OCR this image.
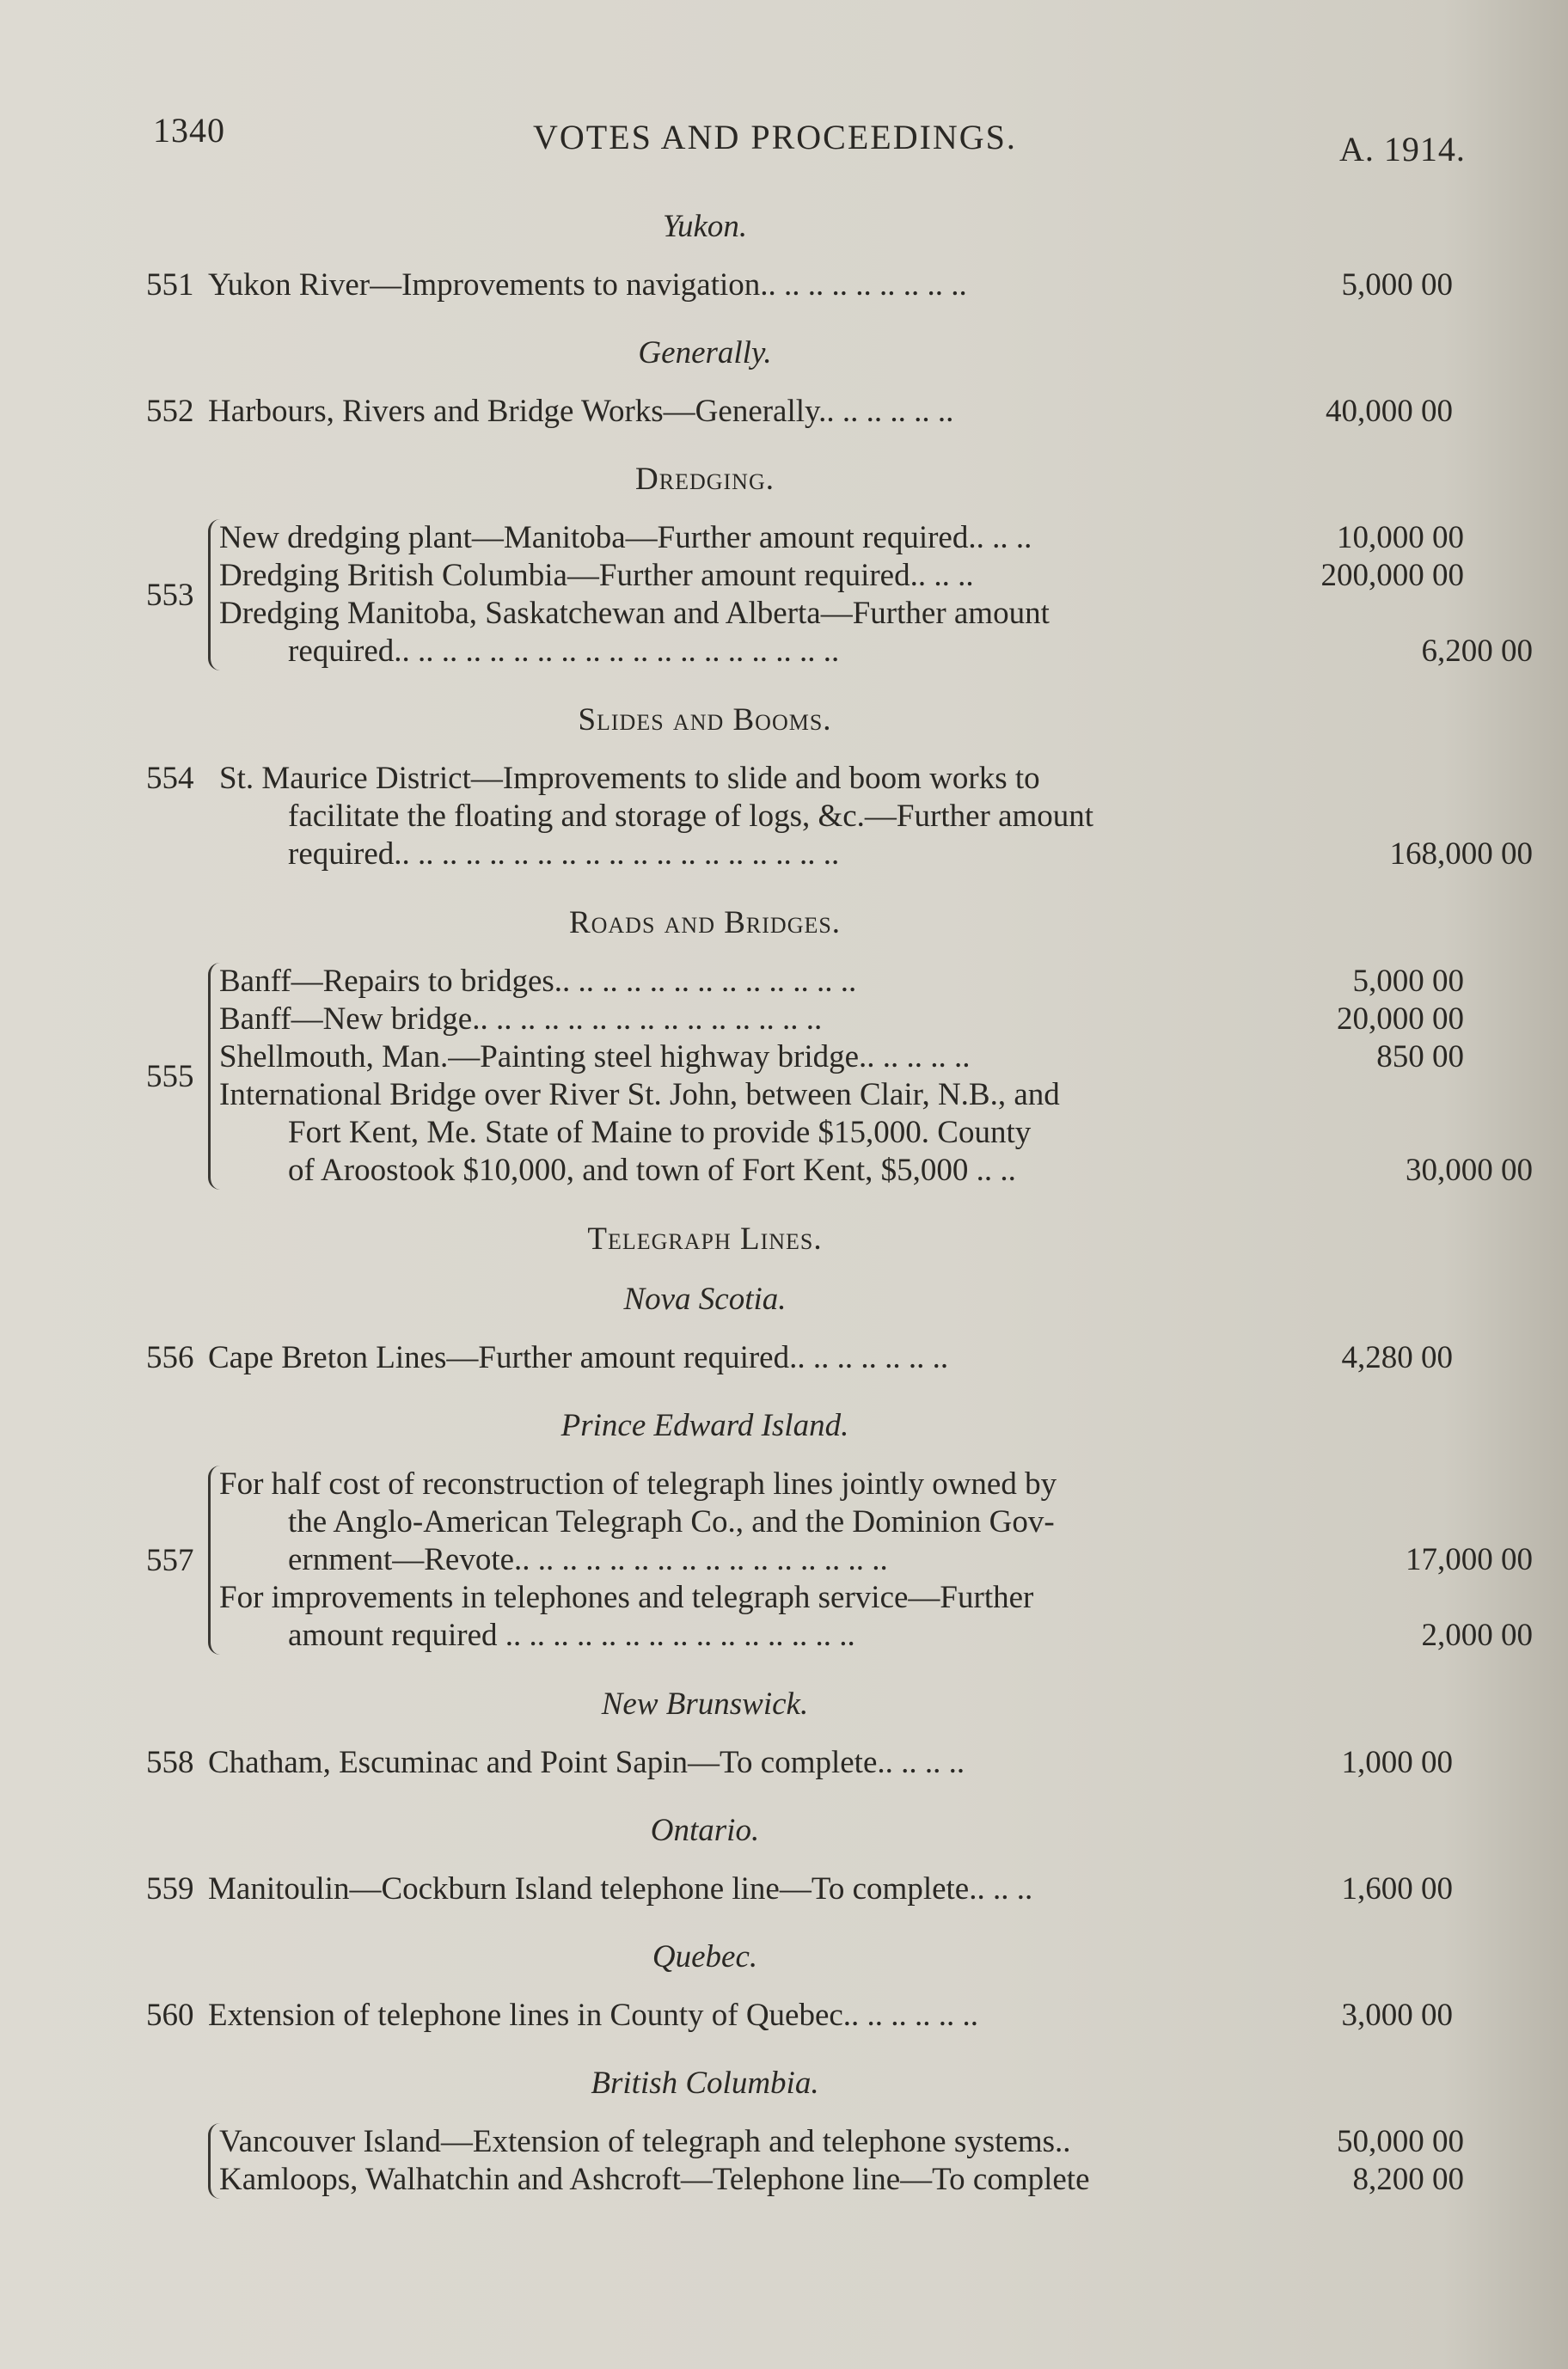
1340	VOTES AND PROCEEDINGS.	A. 1914.
Yukon.
551 Yukon River—Improvements to navigation.. .. .. .. .. .. .. .. ..	5,000 00
Generally.
552 Harbours, Rivers and Bridge Works—Generally.. .. .. .. .. ..	40,000 00
Dredging.
553
New dredging plant—Manitoba—Further amount required.. .. ..	10,000 00
Dredging British Columbia—Further amount required.. .. ..	200,000 00
Dredging Manitoba, Saskatchewan and Alberta—Further amount
required.. .. .. .. .. .. .. .. .. .. .. .. .. .. .. .. .. .. ..	6,200 00
Slides and Booms.
554 St. Maurice District—Improvements to slide and boom works to
facilitate the floating and storage of logs, &c.—Further amount
required.. .. .. .. .. .. .. .. .. .. .. .. .. .. .. .. .. .. ..	168,000 00
Roads and Bridges.
555
Banff—Repairs to bridges.. .. .. .. .. .. .. .. .. .. .. .. ..	5,000 00
Banff—New bridge.. .. .. .. .. .. .. .. .. .. .. .. .. .. ..	20,000 00
Shellmouth, Man.—Painting steel highway bridge.. .. .. .. ..	850 00
International Bridge over River St. John, between Clair, N.B., and
Fort Kent, Me. State of Maine to provide $15,000. County
of Aroostook $10,000, and town of Fort Kent, $5,000 .. ..	30,000 00
Telegraph Lines.
Nova Scotia.
556 Cape Breton Lines—Further amount required.. .. .. .. .. .. ..	4,280 00
Prince Edward Island.
557
For half cost of reconstruction of telegraph lines jointly owned by
the Anglo-American Telegraph Co., and the Dominion Gov-
ernment—Revote.. .. .. .. .. .. .. .. .. .. .. .. .. .. .. ..	17,000 00
For improvements in telephones and telegraph service—Further
amount required .. .. .. .. .. .. .. .. .. .. .. .. .. .. ..	2,000 00
New Brunswick.
558 Chatham, Escuminac and Point Sapin—To complete.. .. .. ..	1,000 00
Ontario.
559 Manitoulin—Cockburn Island telephone line—To complete.. .. ..	1,600 00
Quebec.
560 Extension of telephone lines in County of Quebec.. .. .. .. .. ..	3,000 00
British Columbia.
Vancouver Island—Extension of telegraph and telephone systems..	50,000 00
Kamloops, Walhatchin and Ashcroft—Telephone line—To complete	8,200 00
